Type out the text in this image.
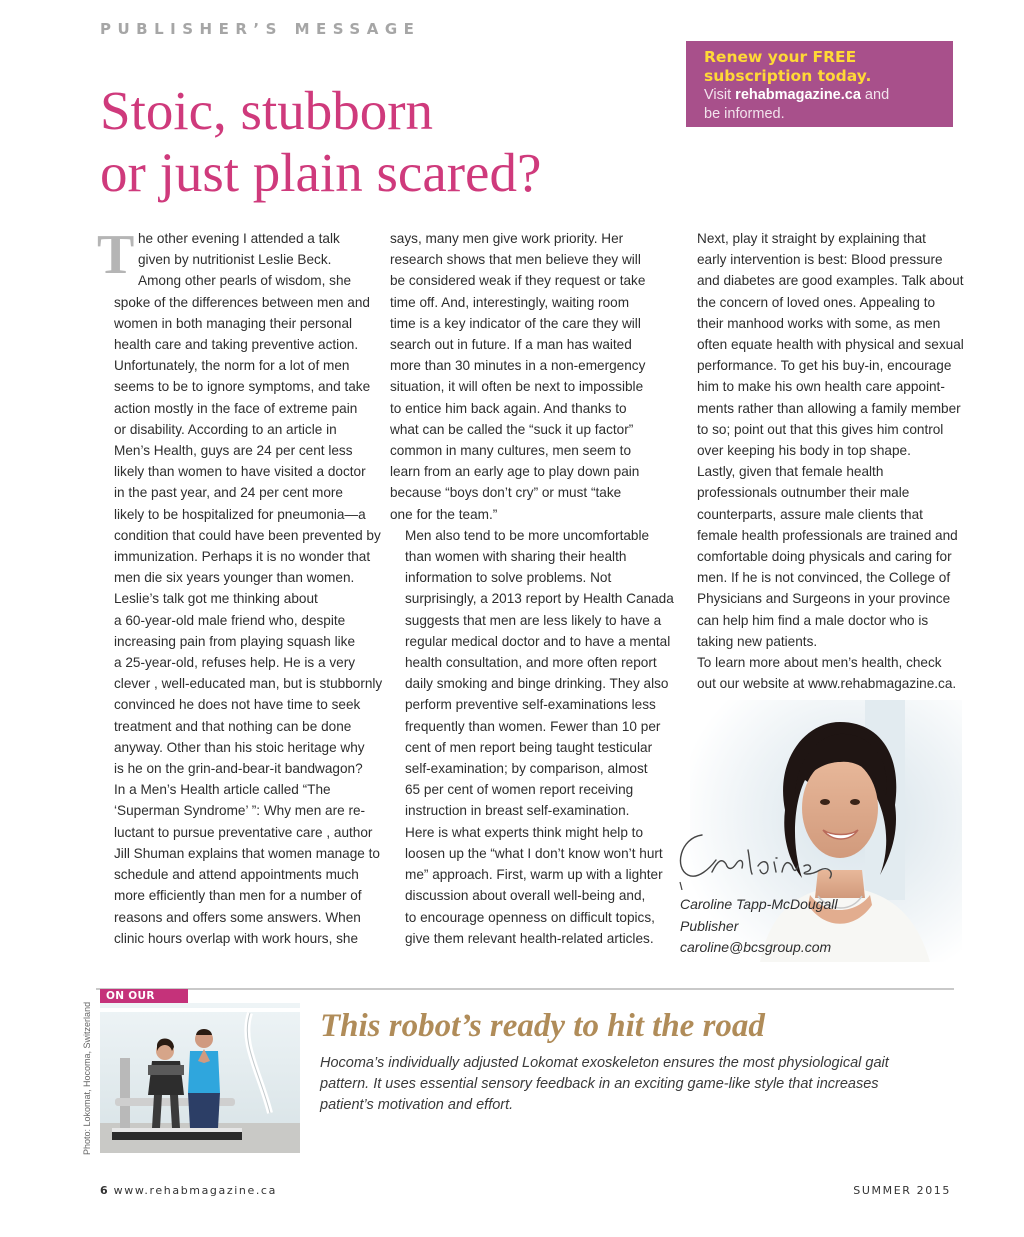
PUBLISHER’S MESSAGE
Renew your FREE
subscription today.
Visit rehabmagazine.ca and
be informed.
Stoic, stubborn
or just plain scared?
T he other evening I attended a talk
given by nutritionist Leslie Beck.
Among other pearls of wisdom, she

spoke of the differences between men and
women in both managing their personal
health care and taking preventive action.

Unfortunately, the norm for a lot of men
seems to be to ignore symptoms, and take
action mostly in the face of extreme pain
or disability. According to an article in
Men’s Health, guys are 24 per cent less
likely than women to have visited a doctor
in the past year, and 24 per cent more
likely to be hospitalized for pneumonia—a
condition that could have been prevented by
immunization. Perhaps it is no wonder that
men die six years younger than women.

Leslie’s talk got me thinking about
a 60-year-old male friend who, despite
increasing pain from playing squash like
a 25-year-old, refuses help. He is a very
clever , well-educated man, but is stubbornly
convinced he does not have time to seek
treatment and that nothing can be done
anyway. Other than his stoic heritage why
is he on the grin-and-bear-it bandwagon?

In a Men’s Health article called “The
‘Superman Syndrome’ ”: Why men are re-
luctant to pursue preventative care , author
Jill Shuman explains that women manage to
schedule and attend appointments much
more efficiently than men for a number of
reasons and offers some answers. When
clinic hours overlap with work hours, she

says, many men give work priority. Her
research shows that men believe they will
be considered weak if they request or take
time off. And, interestingly, waiting room
time is a key indicator of the care they will
search out in future. If a man has waited
more than 30 minutes in a non-emergency
situation, it will often be next to impossible
to entice him back again. And thanks to
what can be called the “suck it up factor”
common in many cultures, men seem to
learn from an early age to play down pain
because “boys don’t cry” or must “take
one for the team.”

Men also tend to be more uncomfortable
than women with sharing their health
information to solve problems. Not
surprisingly, a 2013 report by Health Canada
suggests that men are less likely to have a
regular medical doctor and to have a mental
health consultation, and more often report
daily smoking and binge drinking. They also
perform preventive self-examinations less
frequently than women. Fewer than 10 per
cent of men report being taught testicular
self-examination; by comparison, almost
65 per cent of women report receiving
instruction in breast self-examination.

Here is what experts think might help to
loosen up the “what I don’t know won’t hurt
me” approach. First, warm up with a lighter
discussion about overall well-being and,
to encourage openness on difficult topics,
give them relevant health-related articles.

Next, play it straight by explaining that
early intervention is best: Blood pressure
and diabetes are good examples. Talk about
the concern of loved ones. Appealing to
their manhood works with some, as men
often equate health with physical and sexual
performance. To get his buy-in, encourage
him to make his own health care appoint-
ments rather than allowing a family member
to so; point out that this gives him control
over keeping his body in top shape.

Lastly, given that female health
professionals outnumber their male
counterparts, assure male clients that
female health professionals are trained and
comfortable doing physicals and caring for
men. If he is not convinced, the College of
Physicians and Surgeons in your province
can help him find a male doctor who is
taking new patients.

To learn more about men’s health, check
out our website at www.rehabmagazine.ca.

Caroline Tapp-McDougall
Publisher
caroline@bcsgroup.com
ON OUR
Photo: Lokomat, Hocoma, Switzerland	This robot’s ready to hit the road
Hocoma’s individually adjusted Lokomat exoskeleton ensures the most physiological gait
pattern. It uses essential sensory feedback in an exciting game-like style that increases
patient’s motivation and effort.
6 www.rehabmagazine.ca	SUMMER 2015
